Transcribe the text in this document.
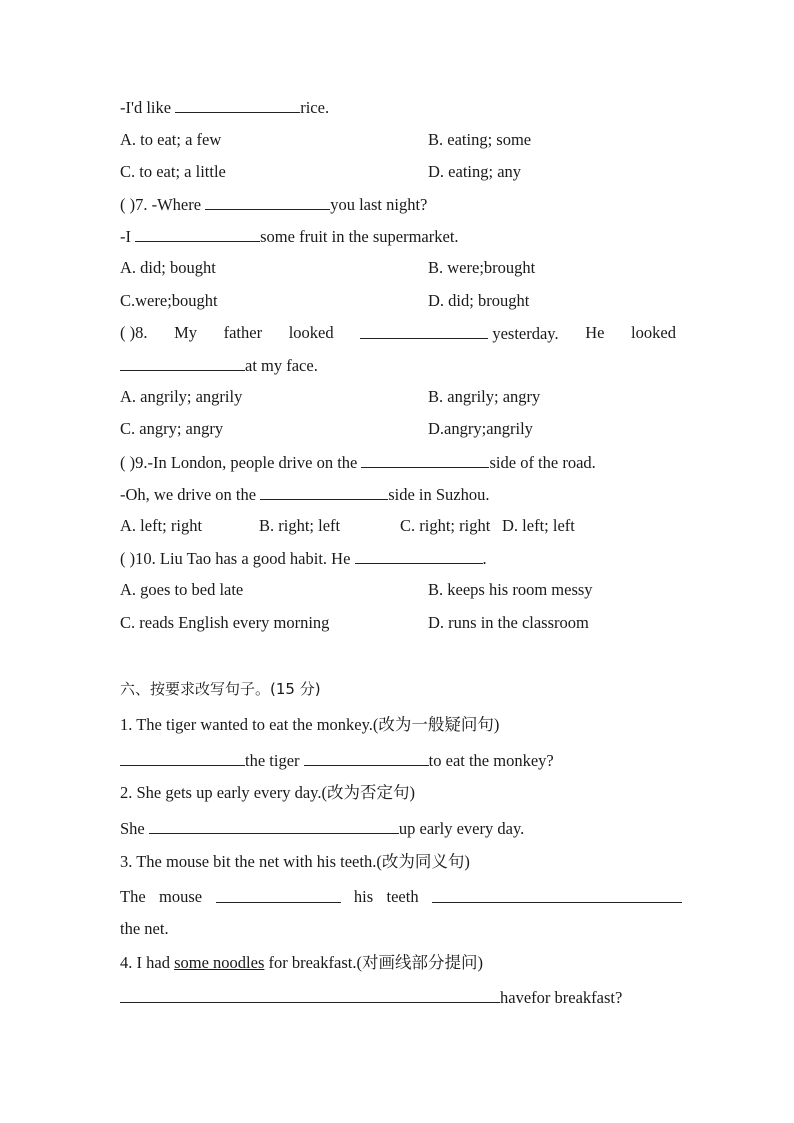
-I'd like	rice.
A. to eat; a few	B. eating; some
C. to eat; a little	D. eating; any
( )7. -Where	you last night?
-I	some fruit in the supermarket.
A. did; bought	B. were;brought
C.were;bought	D. did; brought
( )8. My father looked	yesterday. He looked
at my face.
A. angrily; angrily	B. angrily; angry
C. angry; angry	D.angry;angrily
( )9.-In London, people drive on the	side of the road.
-Oh, we drive on the	side in Suzhou.
A. left; right	B. right; left	C. right; right D. left; left
( )10. Liu Tao has a good habit. He	.
A. goes to bed late	B. keeps his room messy
C. reads English every morning	D. runs in the classroom
六、按要求改写句子。(15 分)
1. The tiger wanted to eat the monkey.(改为一般疑问句)
the tiger	to eat the monkey?
2. She gets up early every day.(改为否定句)
She	up early every day.
3. The mouse bit the net with his teeth.(改为同义句)
The mouse	his teeth
the net.
4. I had some noodles for breakfast.(对画线部分提问)
havefor breakfast?
